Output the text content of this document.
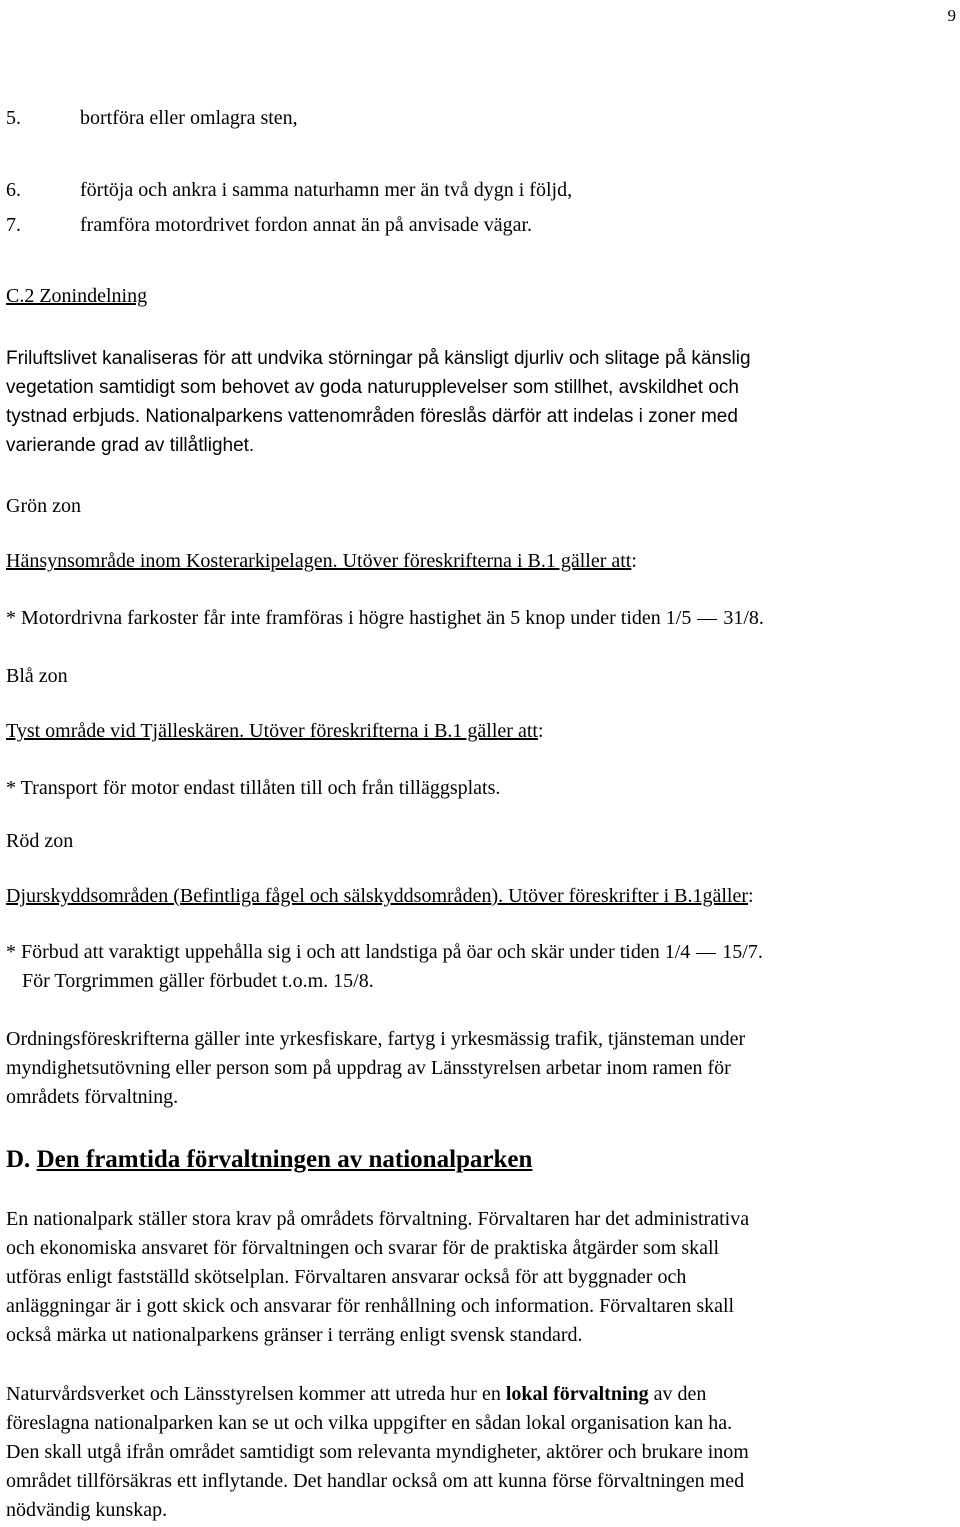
9
5.	bortföra eller omlagra sten,
6.	förtöja och ankra i samma naturhamn mer än två dygn i följd,
7.	framföra motordrivet fordon annat än på anvisade vägar.
C.2 Zonindelning
Friluftslivet kanaliseras för att undvika störningar på känsligt djurliv och slitage på känslig
vegetation samtidigt som behovet av goda naturupplevelser som stillhet, avskildhet och
tystnad erbjuds. Nationalparkens vattenområden föreslås därför att indelas i zoner med
varierande grad av tillåtlighet.
Grön zon
Hänsynsområde inom Kosterarkipelagen. Utöver föreskrifterna i B.1 gäller att:
* Motordrivna farkoster får inte framföras i högre hastighet än 5 knop under tiden 1/5 31/8.
Blå zon
Tyst område vid Tjälleskären. Utöver föreskrifterna i B.1 gäller att:
* Transport för motor endast tillåten till och från tilläggsplats.
Röd zon
Djurskyddsområden (Befintliga fågel och sälskyddsområden). Utöver föreskrifter i B.1gäller:
* Förbud att varaktigt uppehålla sig i och att landstiga på öar och skär under tiden 1/4 15/7.
För Torgrimmen gäller förbudet t.o.m. 15/8.
Ordningsföreskrifterna gäller inte yrkesfiskare, fartyg i yrkesmässig trafik, tjänsteman under
myndighetsutövning eller person som på uppdrag av Länsstyrelsen arbetar inom ramen för
områdets förvaltning.
D. Den framtida förvaltningen av nationalparken
En nationalpark ställer stora krav på områdets förvaltning. Förvaltaren har det administrativa
och ekonomiska ansvaret för förvaltningen och svarar för de praktiska åtgärder som skall
utföras enligt fastställd skötselplan. Förvaltaren ansvarar också för att byggnader och
anläggningar är i gott skick och ansvarar för renhållning och information. Förvaltaren skall
också märka ut nationalparkens gränser i terräng enligt svensk standard.
Naturvårdsverket och Länsstyrelsen kommer att utreda hur en lokal förvaltning av den
föreslagna nationalparken kan se ut och vilka uppgifter en sådan lokal organisation kan ha.
Den skall utgå ifrån området samtidigt som relevanta myndigheter, aktörer och brukare inom
området tillförsäkras ett inflytande. Det handlar också om att kunna förse förvaltningen med
nödvändig kunskap.
